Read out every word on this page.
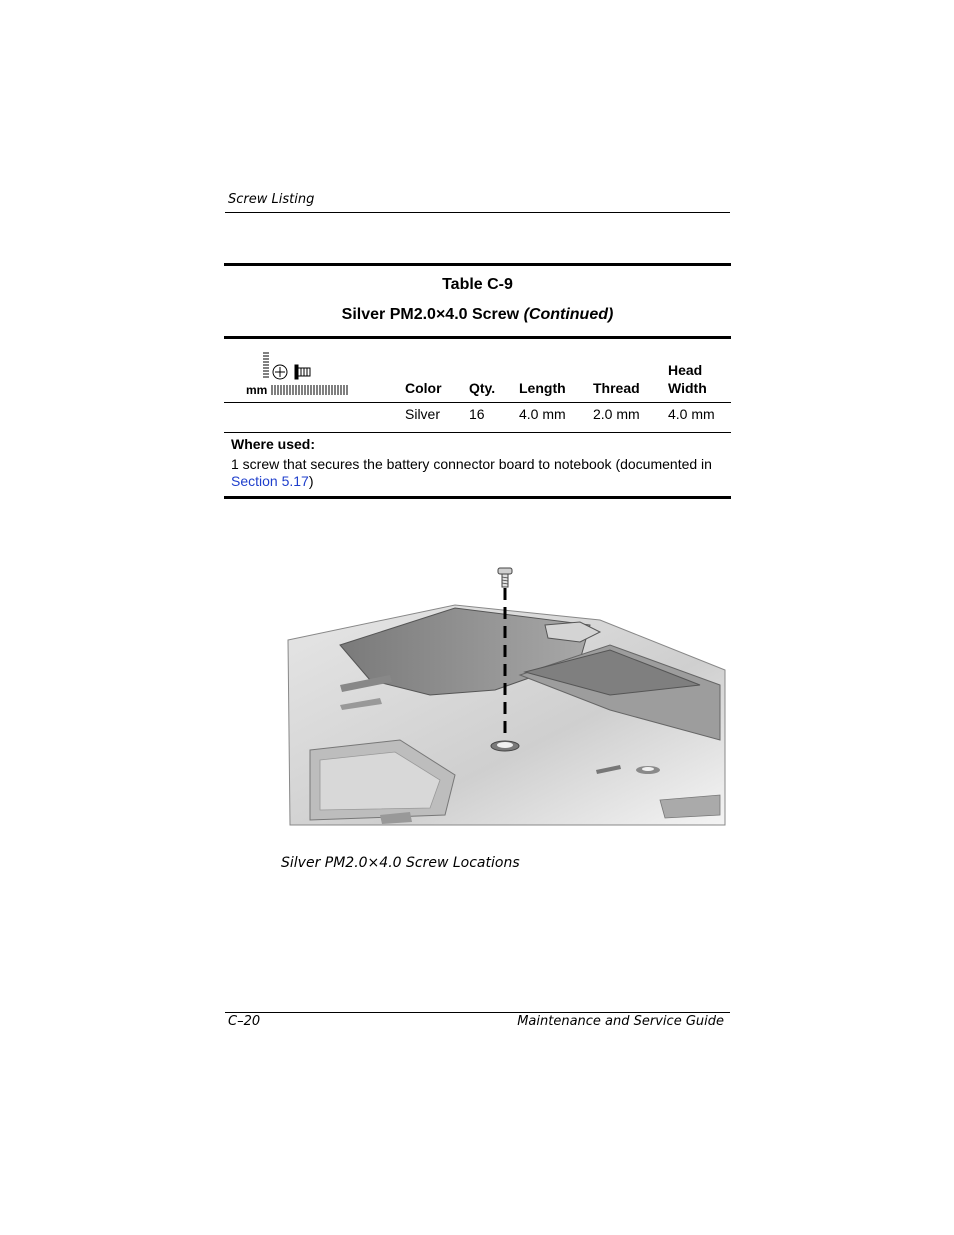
Screw Listing
Table C-9
Silver PM2.0×4.0 Screw (Continued)
mm	Color Qty. Length Thread
Head
Width
Silver 16 4.0 mm 2.0 mm 4.0 mm
Where used:
1 screw that secures the battery connector board to notebook (documented in Section 5.17)
Silver PM2.0×4.0 Screw Locations
C–20	Maintenance and Service Guide
